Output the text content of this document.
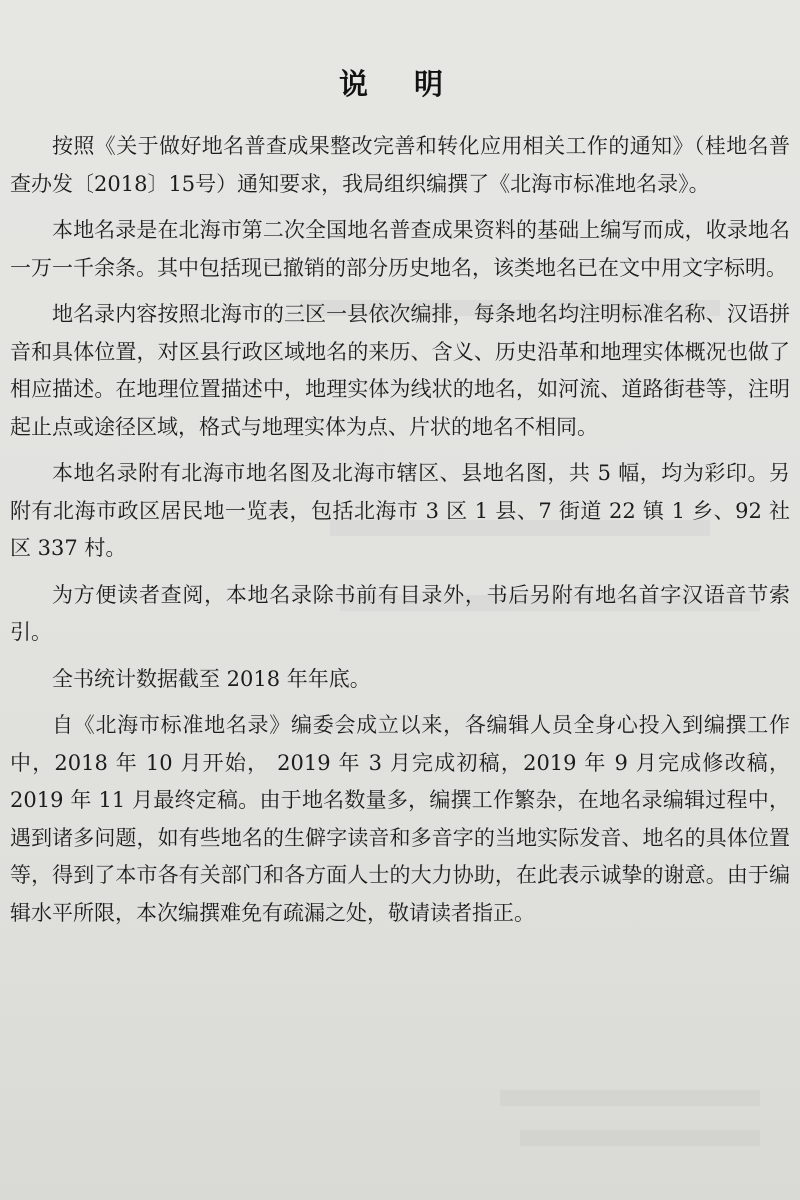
说 明

按照《关于做好地名普查成果整改完善和转化应用相关工作的通知》（桂地名普查办发〔2018〕15号）通知要求，我局组织编撰了《北海市标准地名录》。

本地名录是在北海市第二次全国地名普查成果资料的基础上编写而成，收录地名一万一千余条。其中包括现已撤销的部分历史地名，该类地名已在文中用文字标明。

地名录内容按照北海市的三区一县依次编排，每条地名均注明标准名称、汉语拼音和具体位置，对区县行政区域地名的来历、含义、历史沿革和地理实体概况也做了相应描述。在地理位置描述中，地理实体为线状的地名，如河流、道路街巷等，注明起止点或途径区域，格式与地理实体为点、片状的地名不相同。

本地名录附有北海市地名图及北海市辖区、县地名图，共 5 幅，均为彩印。另附有北海市政区居民地一览表，包括北海市 3 区 1 县、7 街道 22 镇 1 乡、92 社区 337 村。

为方便读者查阅，本地名录除书前有目录外，书后另附有地名首字汉语音节索引。

全书统计数据截至 2018 年年底。

自《北海市标准地名录》编委会成立以来，各编辑人员全身心投入到编撰工作中，2018 年 10 月开始， 2019 年 3 月完成初稿，2019 年 9 月完成修改稿，2019 年 11 月最终定稿。由于地名数量多，编撰工作繁杂，在地名录编辑过程中，遇到诸多问题，如有些地名的生僻字读音和多音字的当地实际发音、地名的具体位置等，得到了本市各有关部门和各方面人士的大力协助，在此表示诚挚的谢意。由于编辑水平所限，本次编撰难免有疏漏之处，敬请读者指正。
